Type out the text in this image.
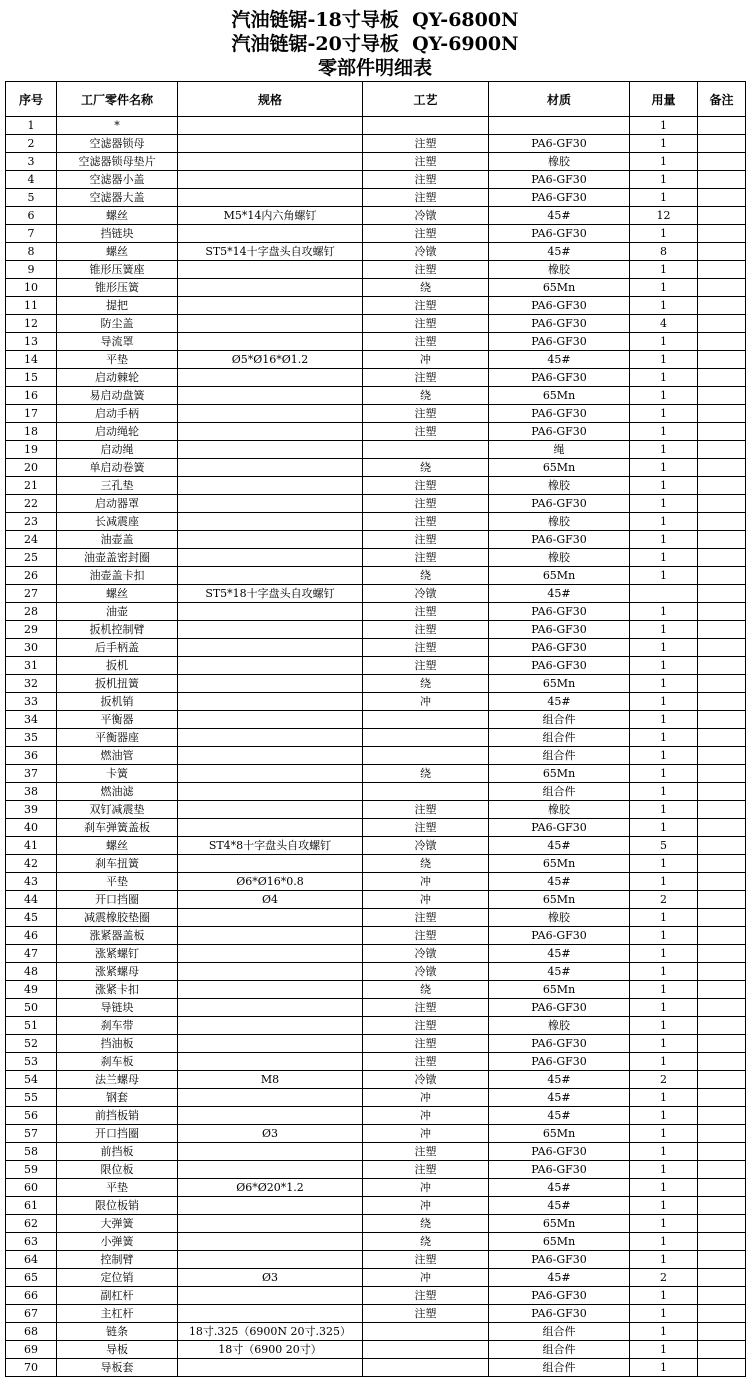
汽油链锯-18寸导板  QY-6800N
汽油链锯-20寸导板  QY-6900N
零部件明细表
序号	工厂零件名称	规格	工艺	材质	用量	备注
1	*				1	
2	空滤器锁母		注塑	PA6-GF30	1	
3	空滤器锁母垫片		注塑	橡胶	1	
4	空滤器小盖		注塑	PA6-GF30	1	
5	空滤器大盖		注塑	PA6-GF30	1	
6	螺丝	M5*14内六角螺钉	冷镦	45#	12	
7	挡链块		注塑	PA6-GF30	1	
8	螺丝	ST5*14十字盘头自攻螺钉	冷镦	45#	8	
9	锥形压簧座		注塑	橡胶	1	
10	锥形压簧		绕	65Mn	1	
11	提把		注塑	PA6-GF30	1	
12	防尘盖		注塑	PA6-GF30	4	
13	导流罩		注塑	PA6-GF30	1	
14	平垫	Ø5*Ø16*Ø1.2	冲	45#	1	
15	启动棘轮		注塑	PA6-GF30	1	
16	易启动盘簧		绕	65Mn	1	
17	启动手柄		注塑	PA6-GF30	1	
18	启动绳轮		注塑	PA6-GF30	1	
19	启动绳			绳	1	
20	单启动卷簧		绕	65Mn	1	
21	三孔垫		注塑	橡胶	1	
22	启动器罩		注塑	PA6-GF30	1	
23	长减震座		注塑	橡胶	1	
24	油壶盖		注塑	PA6-GF30	1	
25	油壶盖密封圈		注塑	橡胶	1	
26	油壶盖卡扣		绕	65Mn	1	
27	螺丝	ST5*18十字盘头自攻螺钉	冷镦	45#		
28	油壶		注塑	PA6-GF30	1	
29	扳机控制臂		注塑	PA6-GF30	1	
30	后手柄盖		注塑	PA6-GF30	1	
31	扳机		注塑	PA6-GF30	1	
32	扳机扭簧		绕	65Mn	1	
33	扳机销		冲	45#	1	
34	平衡器			组合件	1	
35	平衡器座			组合件	1	
36	燃油管			组合件	1	
37	卡簧		绕	65Mn	1	
38	燃油滤			组合件	1	
39	双钉减震垫		注塑	橡胶	1	
40	刹车弹簧盖板		注塑	PA6-GF30	1	
41	螺丝	ST4*8十字盘头自攻螺钉	冷镦	45#	5	
42	刹车扭簧		绕	65Mn	1	
43	平垫	Ø6*Ø16*0.8	冲	45#	1	
44	开口挡圈	Ø4	冲	65Mn	2	
45	减震橡胶垫圈		注塑	橡胶	1	
46	涨紧器盖板		注塑	PA6-GF30	1	
47	涨紧螺钉		冷镦	45#	1	
48	涨紧螺母		冷镦	45#	1	
49	涨紧卡扣		绕	65Mn	1	
50	导链块		注塑	PA6-GF30	1	
51	刹车带		注塑	橡胶	1	
52	挡油板		注塑	PA6-GF30	1	
53	刹车板		注塑	PA6-GF30	1	
54	法兰螺母	M8	冷镦	45#	2	
55	钢套		冲	45#	1	
56	前挡板销		冲	45#	1	
57	开口挡圈	Ø3	冲	65Mn	1	
58	前挡板		注塑	PA6-GF30	1	
59	限位板		注塑	PA6-GF30	1	
60	平垫	Ø6*Ø20*1.2	冲	45#	1	
61	限位板销		冲	45#	1	
62	大弹簧		绕	65Mn	1	
63	小弹簧		绕	65Mn	1	
64	控制臂		注塑	PA6-GF30	1	
65	定位销	Ø3	冲	45#	2	
66	副杠杆		注塑	PA6-GF30	1	
67	主杠杆		注塑	PA6-GF30	1	
68	链条	18寸.325（6900N 20寸.325）		组合件	1	
69	导板	18寸（6900 20寸）		组合件	1	
70	导板套			组合件	1	
